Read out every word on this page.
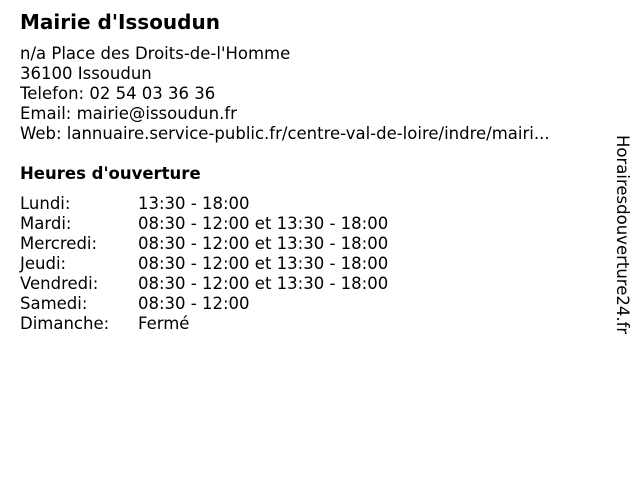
Mairie d'Issoudun
n/a Place des Droits-de-l'Homme
36100 Issoudun
Telefon: 02 54 03 36 36
Email: mairie@issoudun.fr
Web: lannuaire.service-public.fr/centre-val-de-loire/indre/mairi...
Heures d'ouverture
Lundi:	13:30 - 18:00
Mardi:	08:30 - 12:00 et 13:30 - 18:00
Mercredi:	08:30 - 12:00 et 13:30 - 18:00
Jeudi:	08:30 - 12:00 et 13:30 - 18:00
Vendredi:	08:30 - 12:00 et 13:30 - 18:00
Samedi:	08:30 - 12:00
Dimanche:	Fermé	Horairesdouverture24.fr
